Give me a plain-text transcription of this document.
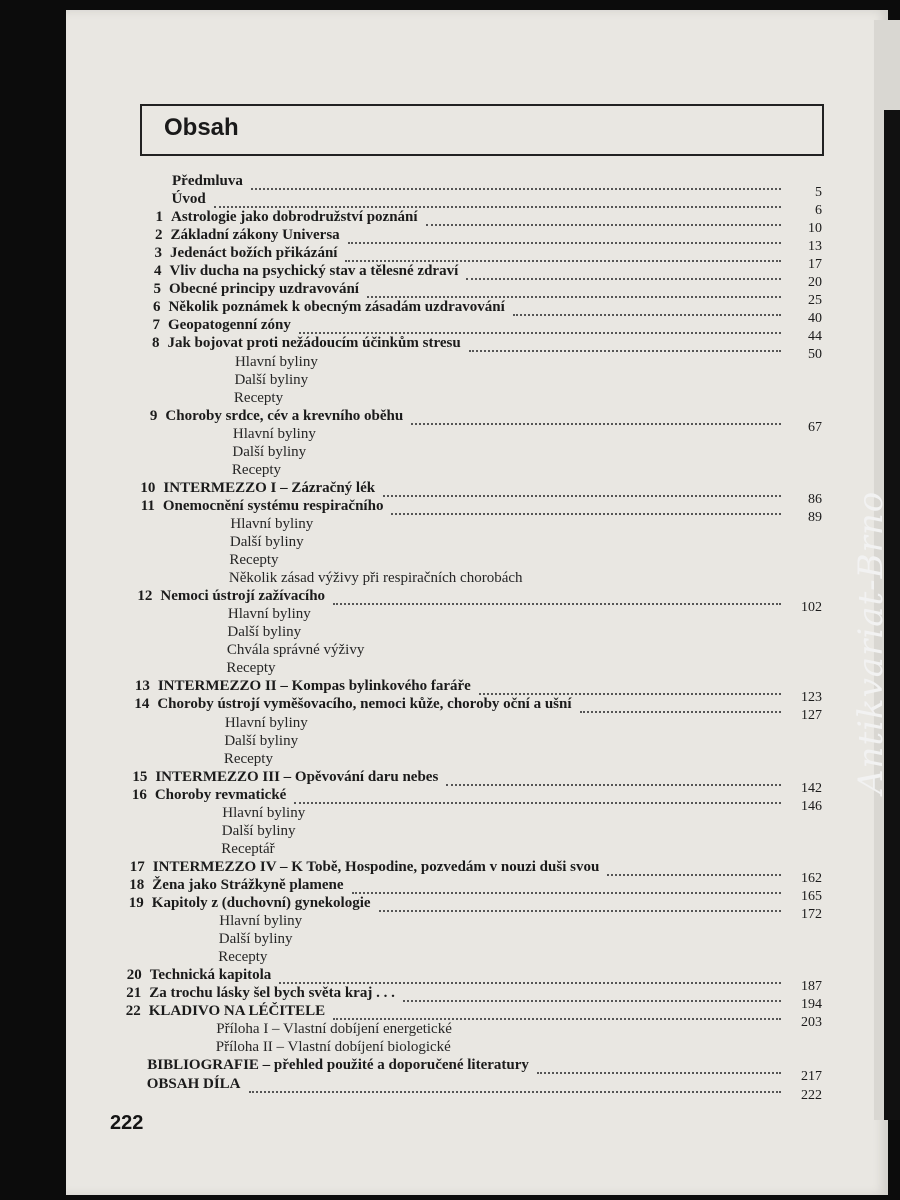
Obsah
Předmluva
5
Úvod
6
1 Astrologie jako dobrodružství poznání
10
2 Základní zákony Universa
13
3 Jedenáct božích přikázání
17
4 Vliv ducha na psychický stav a tělesné zdraví
20
5 Obecné principy uzdravování
25
6 Několik poznámek k obecným zásadám uzdravování
40
7 Geopatogenní zóny
44
8 Jak bojovat proti nežádoucím účinkům stresu
50
Hlavní byliny
Další byliny
Recepty
9 Choroby srdce, cév a krevního oběhu
67
Hlavní byliny
Další byliny
Recepty
10 INTERMEZZO I – Zázračný lék
86
11 Onemocnění systému respiračního
89
Hlavní byliny
Další byliny
Recepty
Několik zásad výživy při respiračních chorobách
12 Nemoci ústrojí zažívacího
102
Hlavní byliny
Další byliny
Chvála správné výživy
Recepty
13 INTERMEZZO II – Kompas bylinkového faráře
123
14 Choroby ústrojí vyměšovacího, nemoci kůže, choroby oční a ušní
127
Hlavní byliny
Další byliny
Recepty
15 INTERMEZZO III – Opěvování daru nebes
142
16 Choroby revmatické
146
Hlavní byliny
Další byliny
Receptář
17 INTERMEZZO IV – K Tobě, Hospodine, pozvedám v nouzi duši svou
162
18 Žena jako Strážkyně plamene
165
19 Kapitoly z (duchovní) gynekologie
172
Hlavní byliny
Další byliny
Recepty
20 Technická kapitola
187
21 Za trochu lásky šel bych světa kraj . . .
194
22 KLADIVO NA LÉČITELE
203
Příloha I – Vlastní dobíjení energetické
Příloha II – Vlastní dobíjení biologické
BIBLIOGRAFIE – přehled použité a doporučené literatury
217
OBSAH DÍLA
222
222
Antikvariat-Brno
